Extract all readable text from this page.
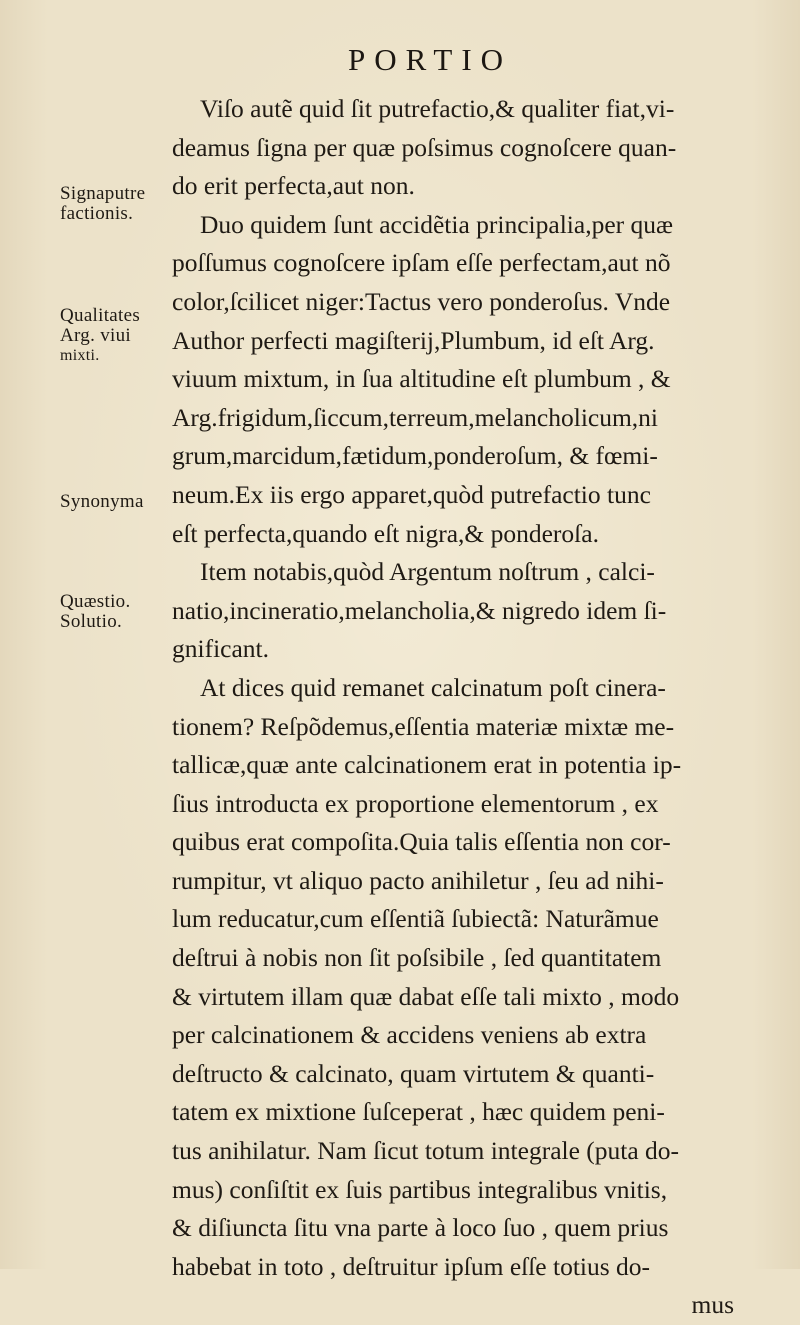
PORTIO
Signaputre
factionis.
Qualitates
Arg. viui
mixti.
Synonyma
Quæstio.
Solutio.
Viſo autẽ quid ſit putrefactio,& qualiter fiat,vi-
deamus ſigna per quæ poſsimus cognoſcere quan-
do erit perfecta,aut non.
Duo quidem ſunt accidẽtia principalia,per quæ
poſſumus cognoſcere ipſam eſſe perfectam,aut nõ
color,ſcilicet niger:Tactus vero ponderoſus. Vnde
Author perfecti magiſterij,Plumbum, id eſt Arg.
viuum mixtum, in ſua altitudine eſt plumbum , &
Arg.frigidum,ſiccum,terreum,melancholicum,ni
grum,marcidum,fætidum,ponderoſum, & fœmi-
neum.Ex iis ergo apparet,quòd putrefactio tunc
eſt perfecta,quando eſt nigra,& ponderoſa.
Item notabis,quòd Argentum noſtrum , calci-
natio,incineratio,melancholia,& nigredo idem ſi-
gnificant.
At dices quid remanet calcinatum poſt cinera-
tionem? Reſpõdemus,eſſentia materiæ mixtæ me-
tallicæ,quæ ante calcinationem erat in potentia ip-
ſius introducta ex proportione elementorum , ex
quibus erat compoſita.Quia talis eſſentia non cor-
rumpitur, vt aliquo pacto anihiletur , ſeu ad nihi-
lum reducatur,cum eſſentiã ſubiectã: Naturãmue
deſtrui à nobis non ſit poſsibile , ſed quantitatem
& virtutem illam quæ dabat eſſe tali mixto , modo
per calcinationem & accidens veniens ab extra
deſtructo & calcinato, quam virtutem & quanti-
tatem ex mixtione ſuſceperat , hæc quidem peni-
tus anihilatur. Nam ſicut totum integrale (puta do-
mus) conſiſtit ex ſuis partibus integralibus vnitis,
& diſiuncta ſitu vna parte à loco ſuo , quem prius
habebat in toto , deſtruitur ipſum eſſe totius do-
mus
